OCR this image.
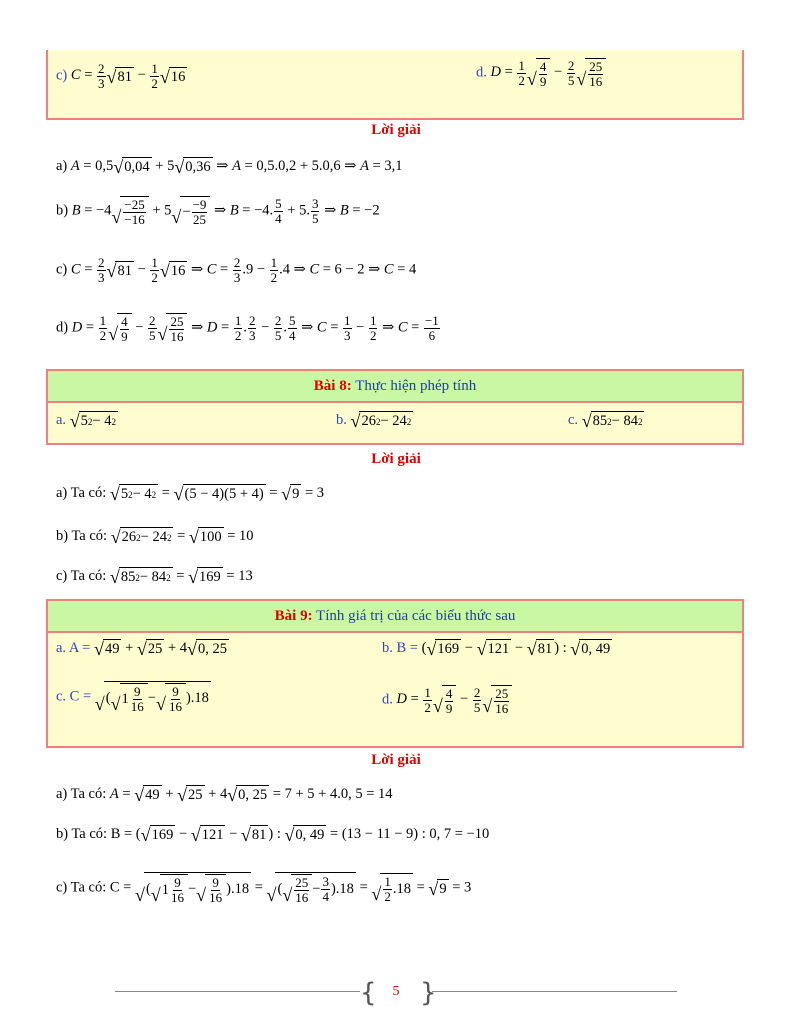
c) $C = \frac{2}{3}$ √ $81 - \frac{1}{2}$ √ 16	d. $D = \frac{1}{2}$ √ $\frac{4}{9} - \frac{2}{5}$ √ $\frac{25}{16}$
Lời giải
a) A = 0,5 √ 0,04 + 5 √ 0,36 ⇒ A = 0,5.0,2 + 5.0,6 ⇒ A = 3,1
b) B = −4 √ $\frac{-25}{-16} + 5$ √ − $\frac{-9}{25}$ ⇒ B = −4. $\frac{5}{4} + 5$. $\frac{3}{5}$ ⇒ B = −2
c) $C = \frac{2}{3}$ √ $81 - \frac{1}{2}$ √ 16 ⇒ $C = \frac{2}{3} .9 - \frac{1}{2} .4$ ⇒ C = 6 − 2 ⇒ C = 4
d) $D = \frac{1}{2}$ √ $\frac{4}{9} - \frac{2}{5}$ √ $\frac{25}{16}$ ⇒ $D = \frac{1}{2}$ . $\frac{2}{3} - \frac{2}{5}$ . $\frac{5}{4}$ ⇒ $C = \frac{1}{3} - \frac{1}{2}$ ⇒ $C = \frac{-1}{6}$
Bài 8: Thực hiện phép tính
a. √ 5 2 − 4 2	b. √ 26 2 − 24 2	c. √ 85 2 − 84 2
Lời giải
a) Ta có: √ 5 2 − 4 2 = √ (5 − 4)(5 + 4) = √ 9 = 3
b) Ta có: √ 26 2 − 24 2 = √ 100 = 10
c) Ta có: √ 85 2 − 84 2 = √ 169 = 13
Bài 9: Tính giá trị của các biểu thức sau
a. A = √ 49 + √ 25 + 4 √ 0, 25	b. B = ( √ 169 − √ 121 − √ 81 ) : √ 0, 49
c. C = √ ( √ $1 \frac{9}{16}$ − √ $\frac{9}{16} ).18$	d. $D = \frac{1}{2}$ √ $\frac{4}{9} - \frac{2}{5}$ √ $\frac{25}{16}$
Lời giải
a) Ta có: A = √ 49 + √ 25 + 4 √ 0, 25 = 7 + 5 + 4.0, 5 = 14
b) Ta có: B = ( √ 169 − √ 121 − √ 81 ) : √ 0, 49 = (13 − 11 − 9) : 0, 7 = −10
c) Ta có: C = √ ( √ $1 \frac{9}{16}$ − √ $\frac{9}{16} ).18$ = √ ( √ $\frac{25}{16} - \frac{3}{4} ).18$ = √ $\frac{1}{2} .18$ = √ 9 = 3
{ }
5
